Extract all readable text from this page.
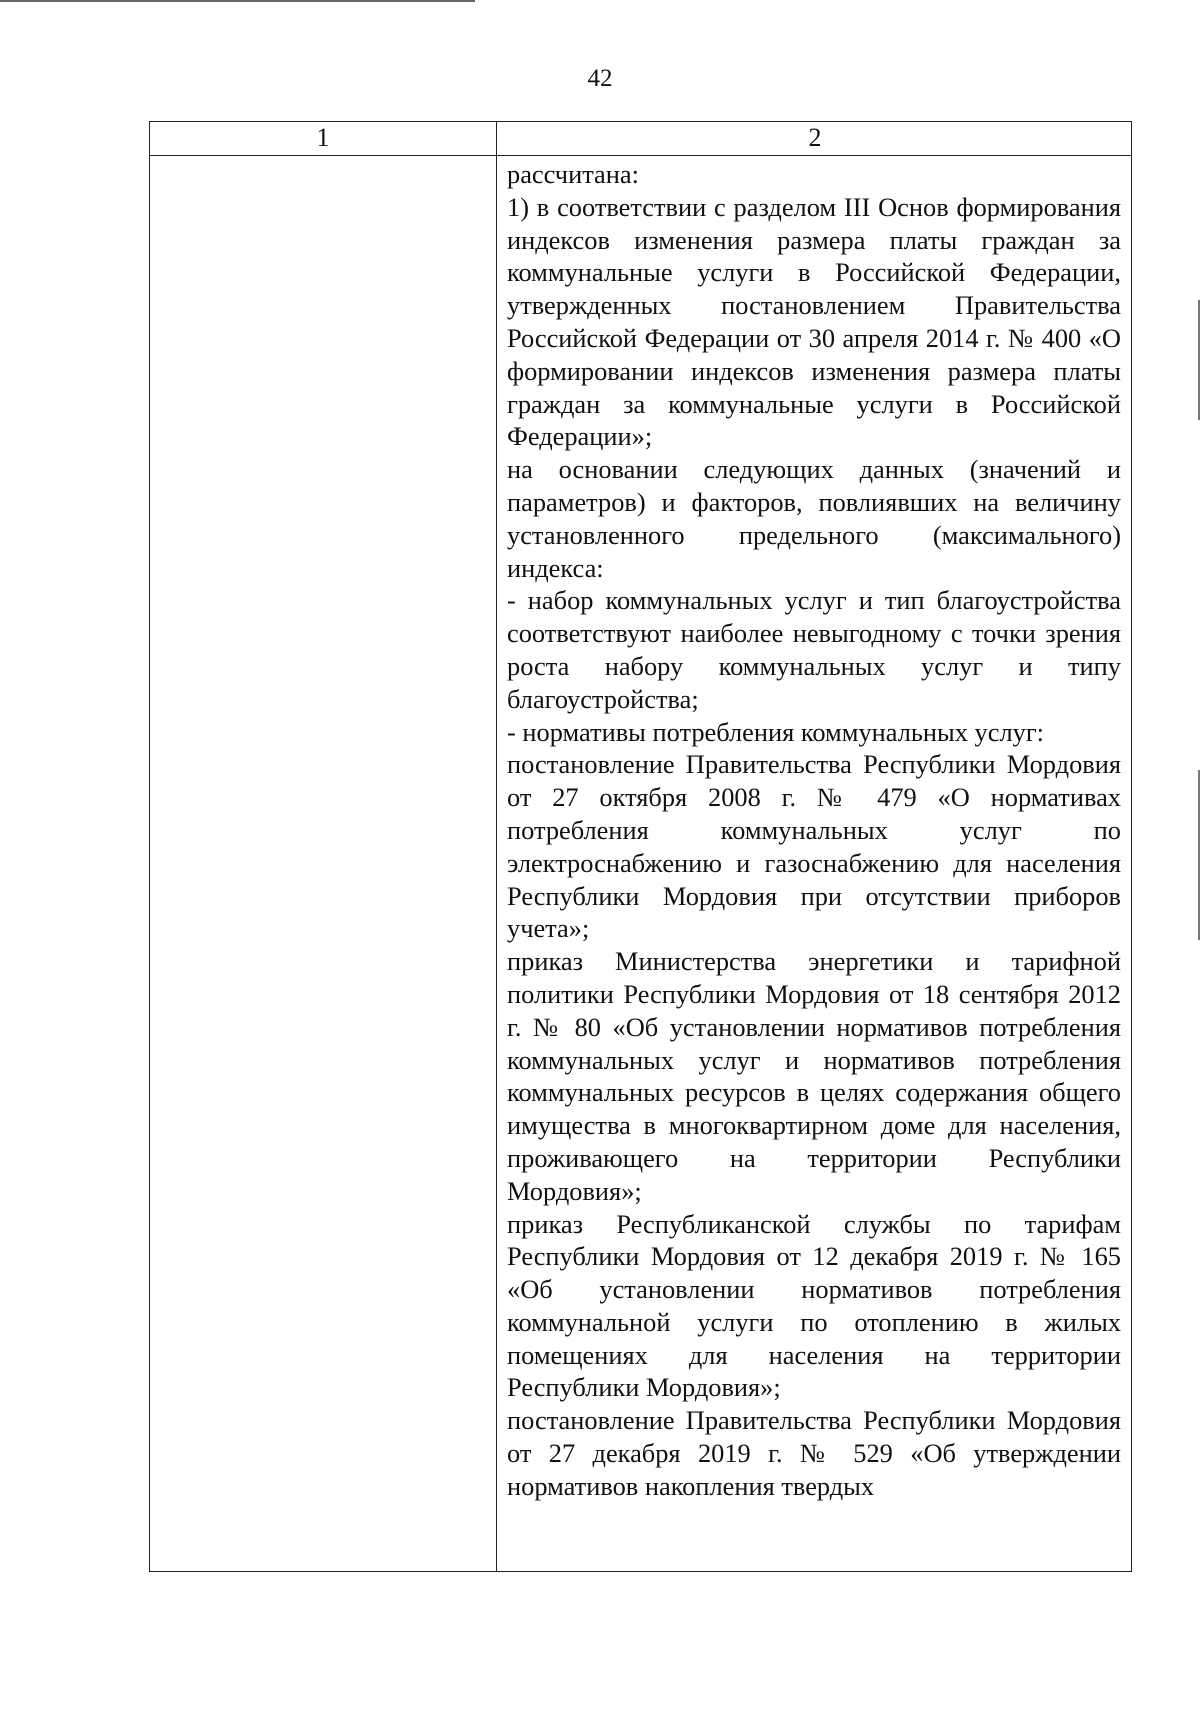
42
1	2

рассчитана:

1) в соответствии с разделом III Основ формирования индексов изменения размера платы граждан за коммунальные услуги в Российской Федерации, утвержденных постановлением Правительства Российской Федерации от 30 апреля 2014 г. № 400 «О формировании индексов изменения размера платы граждан за коммунальные услуги в Российской Федерации»;

на основании следующих данных (значений и параметров) и факторов, повлиявших на величину установленного предельного (максимального) индекса:

- набор коммунальных услуг и тип благоустройства соответствуют наиболее невыгодному с точки зрения роста набору коммунальных услуг и типу благоустройства;

- нормативы потребления коммунальных услуг:

постановление Правительства Республики Мордовия от 27 октября 2008 г. № 479 «О нормативах потребления коммунальных услуг по электроснабжению и газоснабжению для населения Республики Мордовия при отсутствии приборов учета»;

приказ Министерства энергетики и тарифной политики Республики Мордовия от 18 сентября 2012 г. № 80 «Об установлении нормативов потребления коммунальных услуг и нормативов потребления коммунальных ресурсов в целях содержания общего имущества в многоквартирном доме для населения, проживающего на территории Республики Мордовия»;

приказ Республиканской службы по тарифам Республики Мордовия от 12 декабря 2019 г. № 165 «Об установлении нормативов потребления коммунальной услуги по отоплению в жилых помещениях для населения на территории Республики Мордовия»;

постановление Правительства Республики Мордовия от 27 декабря 2019 г. № 529 «Об утверждении нормативов накопления твердых
